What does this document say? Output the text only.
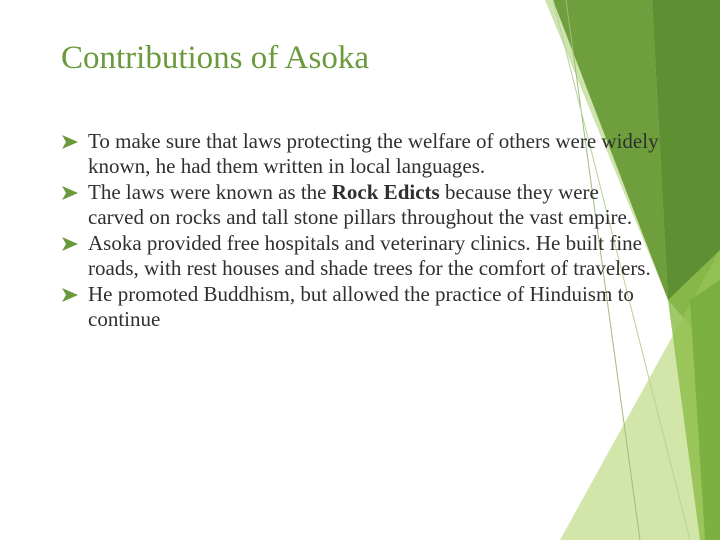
Contributions of Asoka
To make sure that laws protecting the welfare of others were widely known, he had them written in local languages.
The laws were known as the Rock Edicts because they were carved on rocks and tall stone pillars throughout the vast empire.
Asoka provided free hospitals and veterinary clinics. He built fine roads, with rest houses and shade trees for the comfort of travelers.
He promoted Buddhism, but allowed the practice of Hinduism to continue
